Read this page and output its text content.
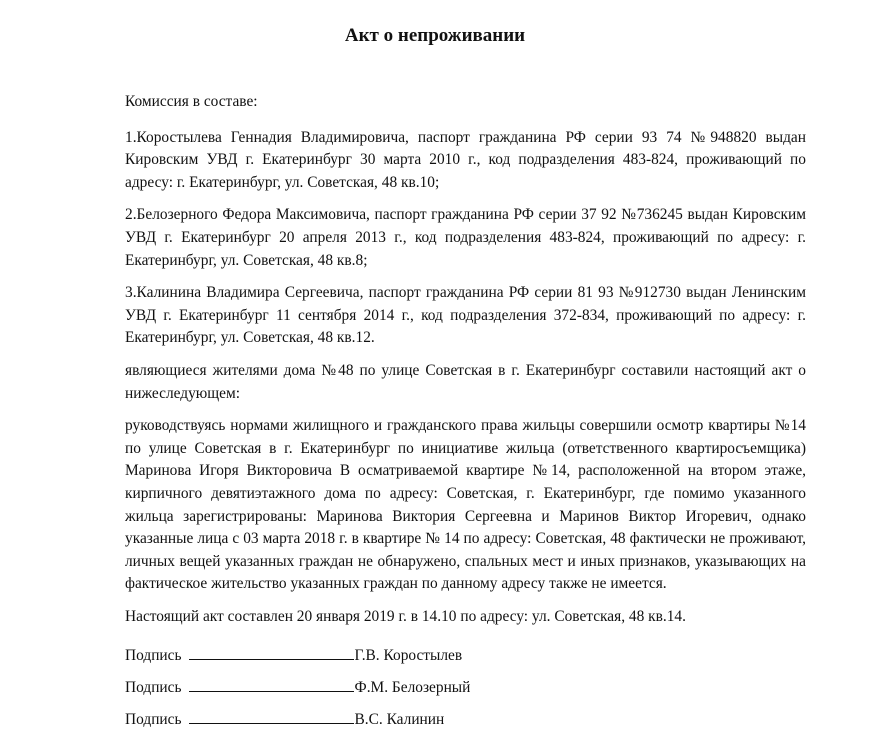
Акт о непроживании

Комиссия в составе:

1.Коростылева Геннадия Владимировича, паспорт гражданина РФ серии 93 74 №948820 выдан Кировским УВД г. Екатеринбург 30 марта 2010 г., код подразделения 483-824, проживающий по адресу: г. Екатеринбург, ул. Советская, 48 кв.10;

2.Белозерного Федора Максимовича, паспорт гражданина РФ серии 37 92 №736245 выдан Кировским УВД г. Екатеринбург 20 апреля 2013 г., код подразделения 483-824, проживающий по адресу: г. Екатеринбург, ул. Советская, 48 кв.8;

3.Калинина Владимира Сергеевича, паспорт гражданина РФ серии 81 93 №912730 выдан Ленинским УВД г. Екатеринбург 11 сентября 2014 г., код подразделения 372-834, проживающий по адресу: г. Екатеринбург, ул. Советская, 48 кв.12.

являющиеся жителями дома №48 по улице Советская в г. Екатеринбург составили настоящий акт о нижеследующем:

руководствуясь нормами жилищного и гражданского права жильцы совершили осмотр квартиры №14 по улице Советская в г. Екатеринбург по инициативе жильца (ответственного квартиросъемщика) Маринова Игоря Викторовича В осматриваемой квартире №14, расположенной на втором этаже, кирпичного девятиэтажного дома по адресу: Советская, г. Екатеринбург, где помимо указанного жильца зарегистрированы: Маринова Виктория Сергеевна и Маринов Виктор Игоревич, однако указанные лица с 03 марта 2018 г. в квартире № 14 по адресу: Советская, 48 фактически не проживают, личных вещей указанных граждан не обнаружено, спальных мест и иных признаков, указывающих на фактическое жительство указанных граждан по данному адресу также не имеется.

Настоящий акт составлен 20 января 2019 г. в 14.10 по адресу: ул. Советская, 48 кв.14.

Подпись	Г.В. Коростылев
Подпись	Ф.М. Белозерный
Подпись	В.С. Калинин
